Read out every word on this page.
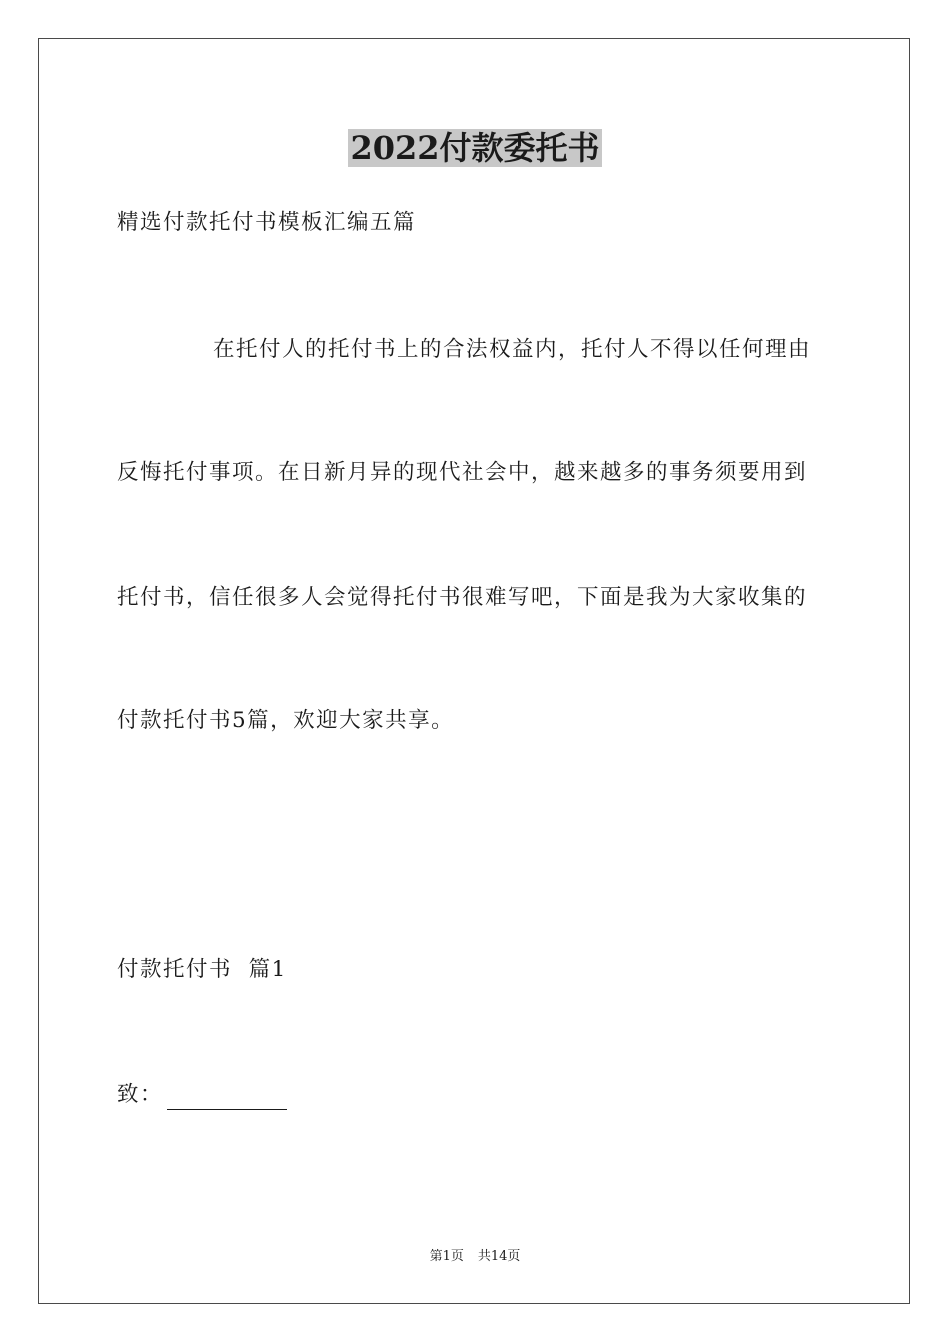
2022付款委托书
精选付款托付书模板汇编五篇
在托付人的托付书上的合法权益内，托付人不得以任何理由
反悔托付事项。在日新月异的现代社会中，越来越多的事务须要用到
托付书，信任很多人会觉得托付书很难写吧，下面是我为大家收集的
付款托付书5篇，欢迎大家共享。
付款托付书  篇1
致：
第1页 共14页
